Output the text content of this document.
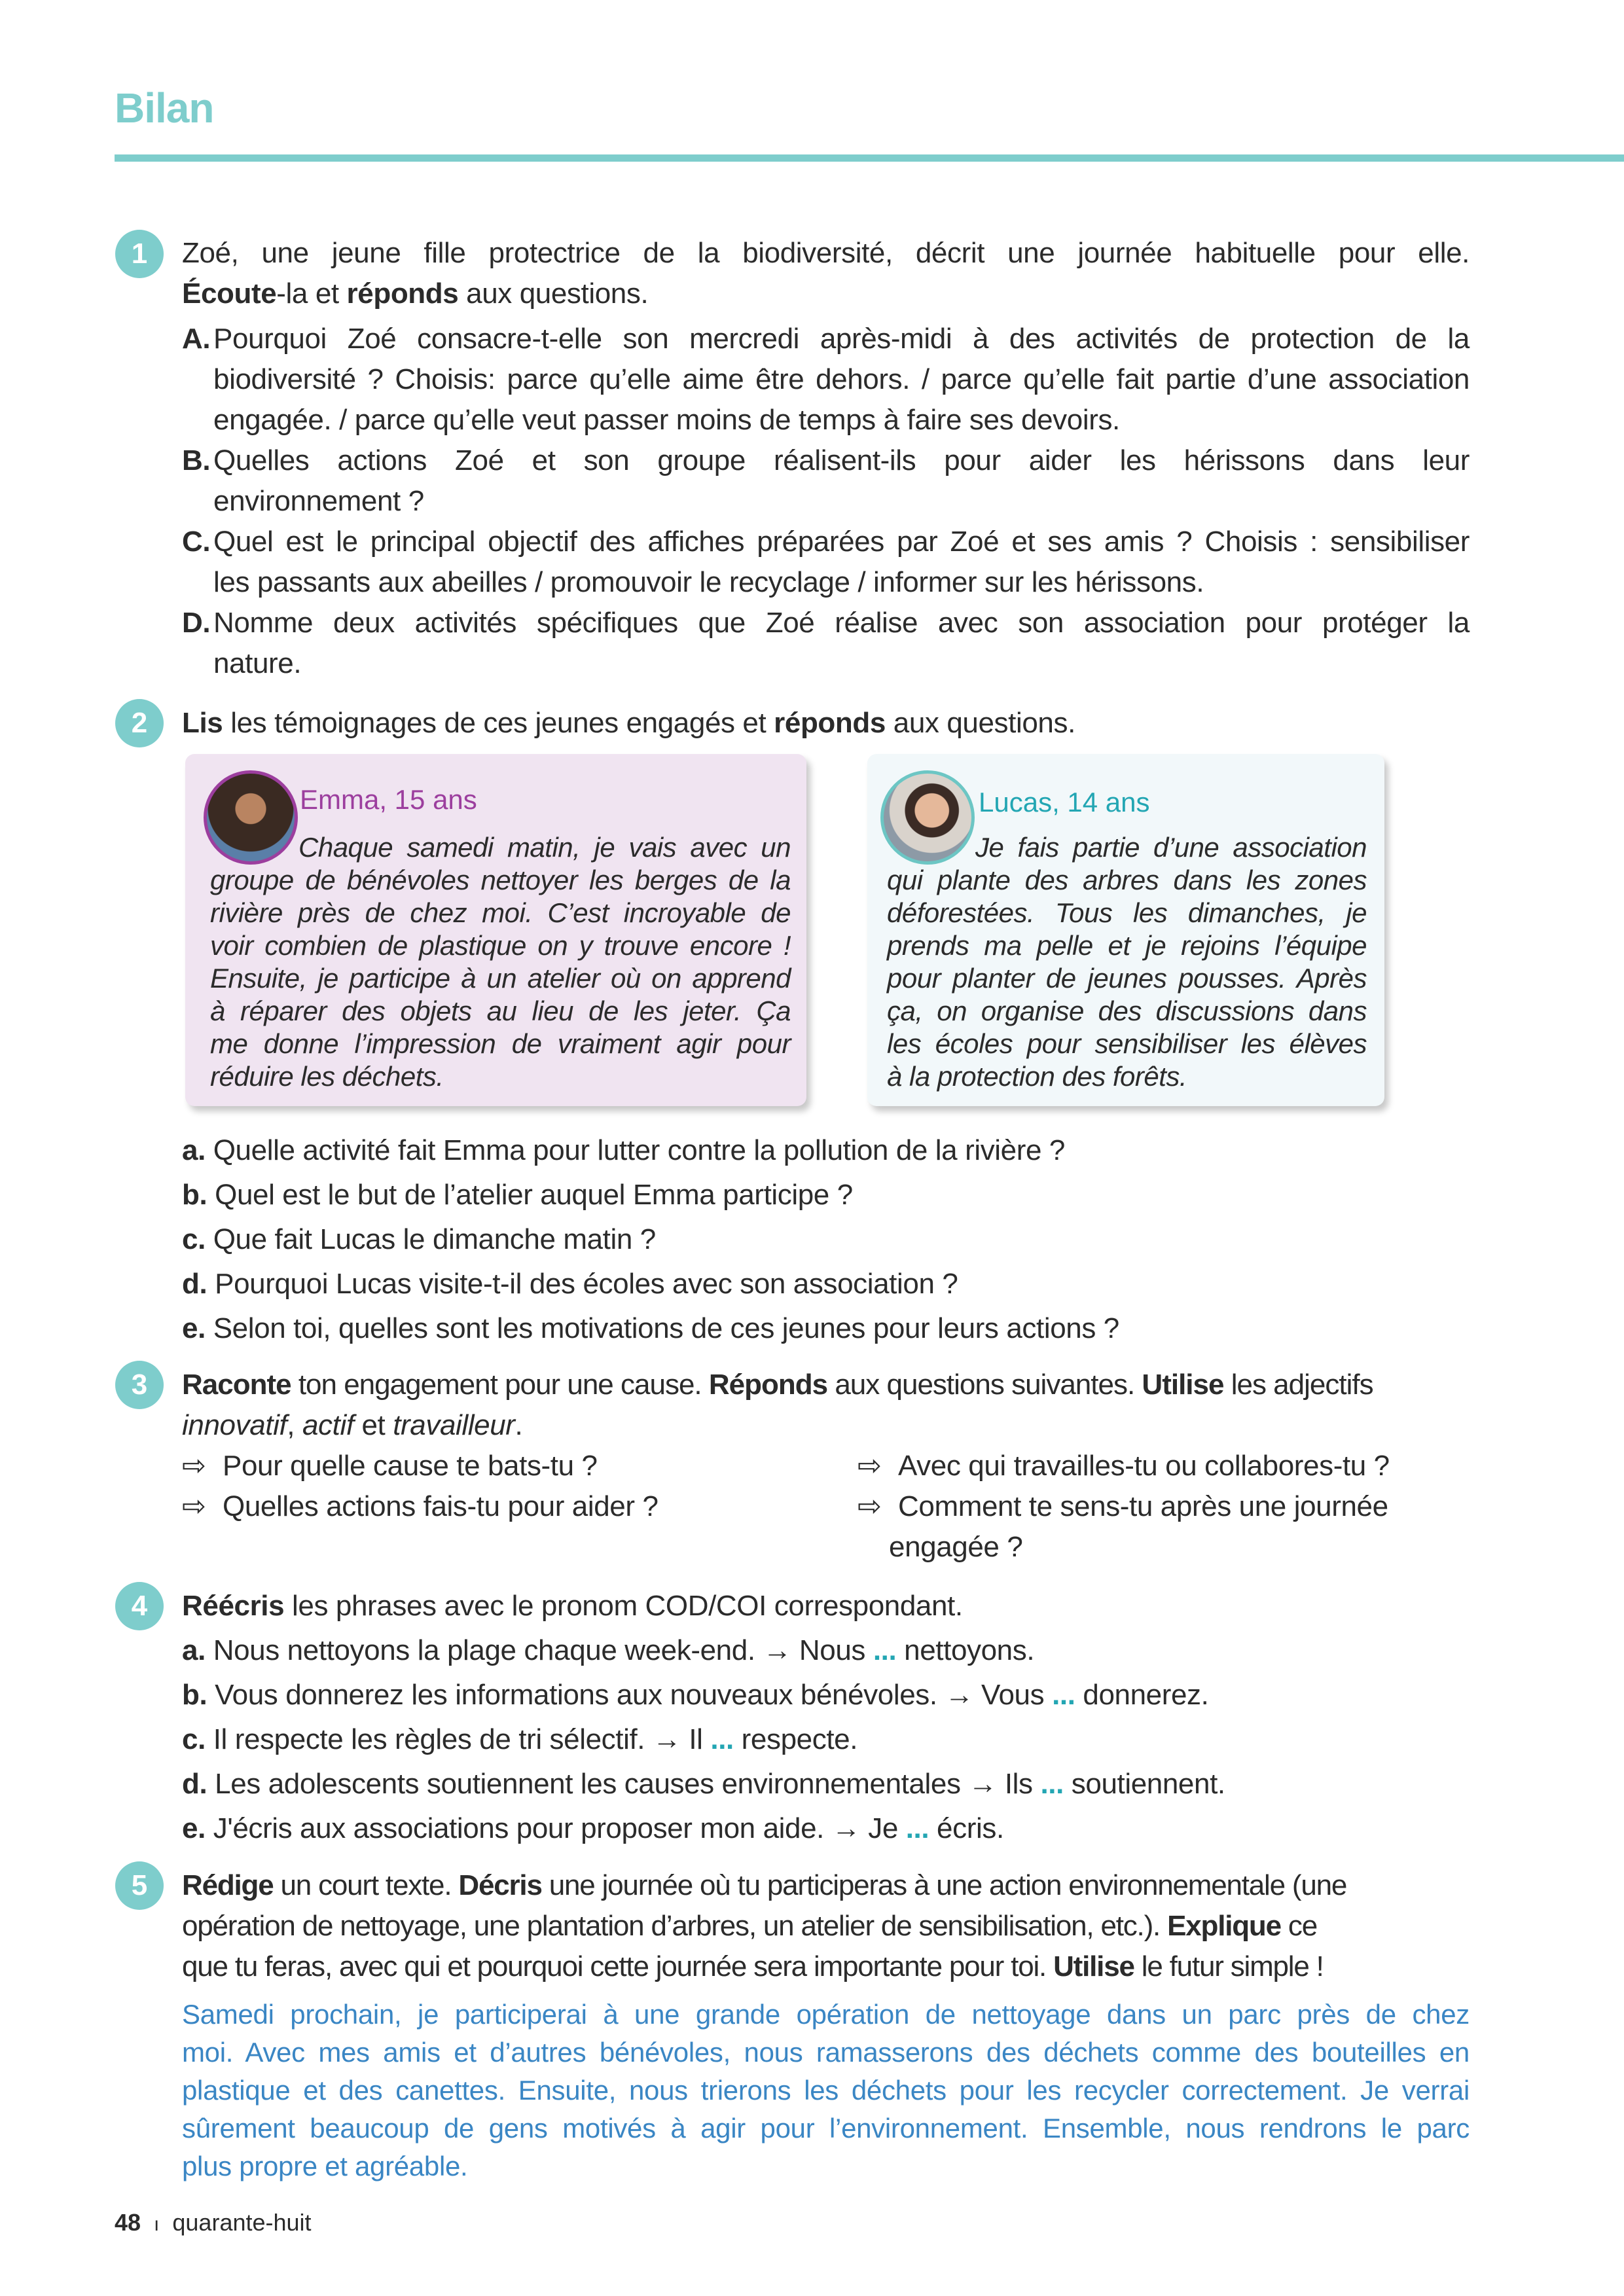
Bilan
1	Zoé, une jeune fille protectrice de la biodiversité, décrit une journée habituelle pour elle.
Écoute-la et réponds aux questions.
A. Pourquoi Zoé consacre-t-elle son mercredi après-midi à des activités de protection de la
biodiversité ? Choisis: parce qu’elle aime être dehors. / parce qu’elle fait partie d’une association
engagée. / parce qu’elle veut passer moins de temps à faire ses devoirs.
B. Quelles actions Zoé et son groupe réalisent-ils pour aider les hérissons dans leur
environnement ?
C. Quel est le principal objectif des affiches préparées par Zoé et ses amis ? Choisis : sensibiliser
les passants aux abeilles / promouvoir le recyclage / informer sur les hérissons.
D. Nomme deux activités spécifiques que Zoé réalise avec son association pour protéger la
nature.
2	Lis les témoignages de ces jeunes engagés et réponds aux questions.
Emma, 15 ans
Chaque samedi matin, je vais avec un
groupe de bénévoles nettoyer les berges de la
rivière près de chez moi. C’est incroyable de
voir combien de plastique on y trouve encore !
Ensuite, je participe à un atelier où on apprend
à réparer des objets au lieu de les jeter. Ça
me donne l’impression de vraiment agir pour
réduire les déchets.
Lucas, 14 ans
Je fais partie d’une association
qui plante des arbres dans les zones
déforestées. Tous les dimanches, je
prends ma pelle et je rejoins l’équipe
pour planter de jeunes pousses. Après
ça, on organise des discussions dans
les écoles pour sensibiliser les élèves
à la protection des forêts.
a. Quelle activité fait Emma pour lutter contre la pollution de la rivière ?
b. Quel est le but de l’atelier auquel Emma participe ?
c. Que fait Lucas le dimanche matin ?
d. Pourquoi Lucas visite-t-il des écoles avec son association ?
e. Selon toi, quelles sont les motivations de ces jeunes pour leurs actions ?
3	Raconte ton engagement pour une cause. Réponds aux questions suivantes. Utilise les adjectifs
innovatif, actif et travailleur.
⇨ Pour quelle cause te bats-tu ?
⇨ Quelles actions fais-tu pour aider ?
⇨ Avec qui travailles-tu ou collabores-tu ?
⇨ Comment te sens-tu après une journée
engagée ?
4	Réécris les phrases avec le pronom COD/COI correspondant.
a. Nous nettoyons la plage chaque week-end. → Nous ... nettoyons.
b. Vous donnerez les informations aux nouveaux bénévoles. → Vous ... donnerez.
c. Il respecte les règles de tri sélectif. → Il ... respecte.
d. Les adolescents soutiennent les causes environnementales → Ils ... soutiennent.
e. J'écris aux associations pour proposer mon aide. → Je ... écris.
5	Rédige un court texte. Décris une journée où tu participeras à une action environnementale (une
opération de nettoyage, une plantation d’arbres, un atelier de sensibilisation, etc.). Explique ce
que tu feras, avec qui et pourquoi cette journée sera importante pour toi. Utilise le futur simple !
Samedi prochain, je participerai à une grande opération de nettoyage dans un parc près de chez
moi. Avec mes amis et d’autres bénévoles, nous ramasserons des déchets comme des bouteilles en
plastique et des canettes. Ensuite, nous trierons les déchets pour les recycler correctement. Je verrai
sûrement beaucoup de gens motivés à agir pour l’environnement. Ensemble, nous rendrons le parc
plus propre et agréable.
48 ı quarante-huit
